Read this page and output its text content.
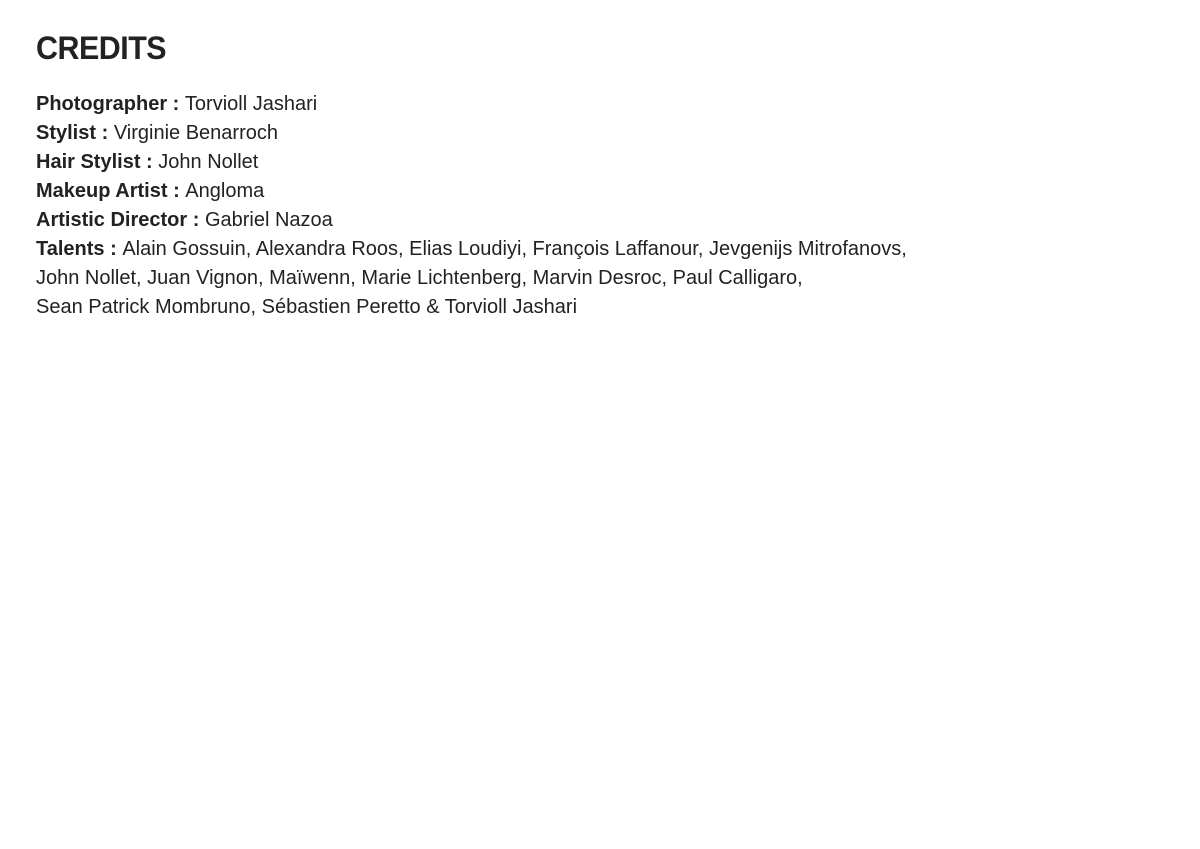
CREDITS
Photographer : Torvioll Jashari
Stylist : Virginie Benarroch
Hair Stylist : John Nollet
Makeup Artist : Angloma
Artistic Director : Gabriel Nazoa
Talents : Alain Gossuin, Alexandra Roos, Elias Loudiyi, François Laffanour, Jevgenijs Mitrofanovs,
John Nollet, Juan Vignon, Maïwenn, Marie Lichtenberg, Marvin Desroc, Paul Calligaro,
Sean Patrick Mombruno, Sébastien Peretto & Torvioll Jashari
